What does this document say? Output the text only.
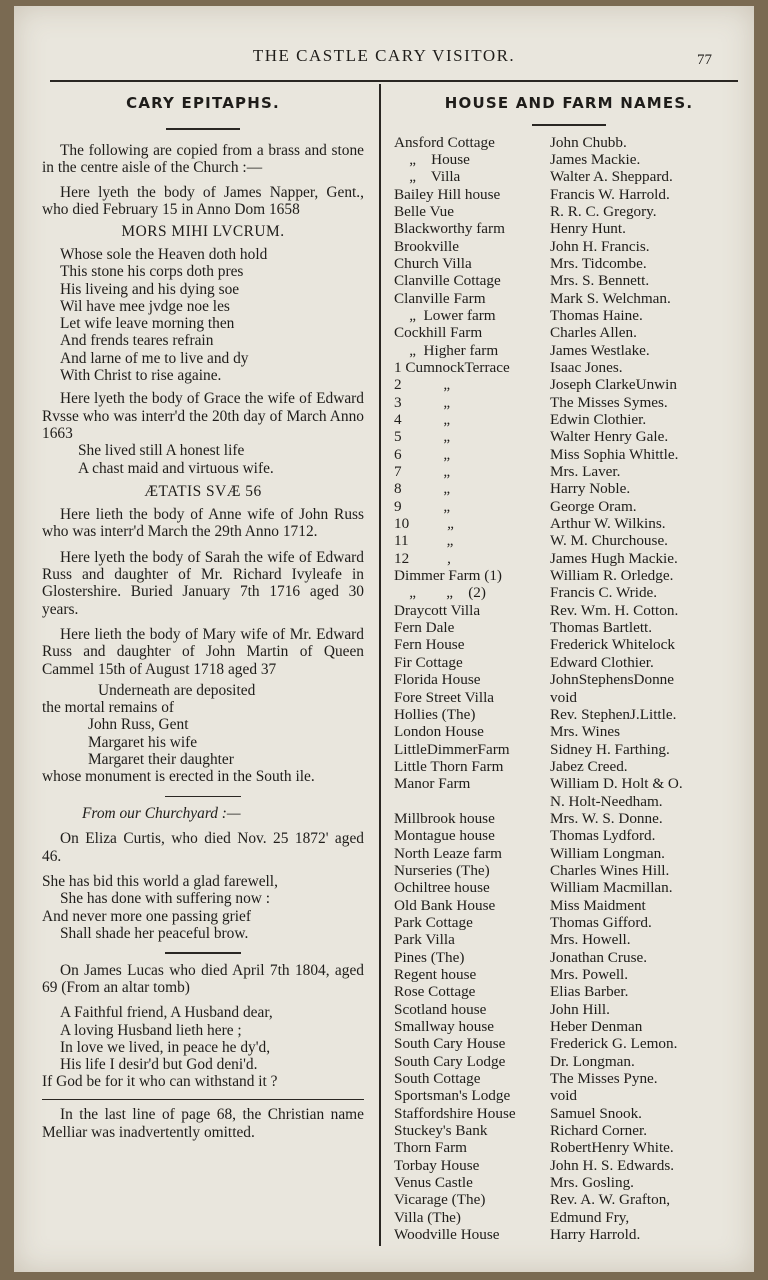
THE CASTLE CARY VISITOR.	77
CARY EPITAPHS.

The following are copied from a brass and stone in the centre aisle of the Church :—

Here lyeth the body of James Napper, Gent., who died February 15 in Anno Dom 1658

MORS MIHI LVCRUM.
Whose sole the Heaven doth hold
This stone his corps doth pres
His liveing and his dying soe
Wil have mee jvdge noe les
Let wife leave morning then
And frends teares refrain
And larne of me to live and dy
With Christ to rise againe.

Here lyeth the body of Grace the wife of Edward Rvsse who was interr'd the 20th day of March Anno 1663

She lived still A honest life
A chast maid and virtuous wife.
ÆTATIS SVÆ 56

Here lieth the body of Anne wife of John Russ who was interr'd March the 29th Anno 1712.

Here lyeth the body of Sarah the wife of Edward Russ and daughter of Mr. Richard Ivyleafe in Glostershire. Buried January 7th 1716 aged 30 years.

Here lieth the body of Mary wife of Mr. Edward Russ and daughter of John Martin of Queen Cammel 15th of August 1718 aged 37

Underneath are deposited
the mortal remains of
John Russ, Gent
Margaret his wife
Margaret their daughter

whose monument is erected in the South ile.

From our Churchyard :—

On Eliza Curtis, who died Nov. 25 1872' aged 46.

She has bid this world a glad farewell,
She has done with suffering now :
And never more one passing grief
Shall shade her peaceful brow.

On James Lucas who died April 7th 1804, aged 69 (From an altar tomb)

A Faithful friend, A Husband dear,
A loving Husband lieth here ;
In love we lived, in peace he dy'd,
His life I desir'd but God deni'd.
If God be for it who can withstand it ?

In the last line of page 68, the Christian name Melliar was inadvertently omitted.

HOUSE AND FARM NAMES.
Ansford Cottage	John Chubb.
„    House	James Mackie.
„    Villa	Walter A. Sheppard.
Bailey Hill house	Francis W. Harrold.
Belle Vue	R. R. C. Gregory.
Blackworthy farm	Henry Hunt.
Brookville	John H. Francis.
Church Villa	Mrs. Tidcombe.
Clanville Cottage	Mrs. S. Bennett.
Clanville Farm	Mark S. Welchman.
„  Lower farm	Thomas Haine.
Cockhill Farm	Charles Allen.
„  Higher farm	James Westlake.
1 CumnockTerrace	Isaac Jones.
2           „	Joseph ClarkeUnwin
3           „	The Misses Symes.
4           „	Edwin Clothier.
5           „	Walter Henry Gale.
6           „	Miss Sophia Whittle.
7           „	Mrs. Laver.
8           „	Harry Noble.
9           „	George Oram.
10          „	Arthur W. Wilkins.
11          „	W. M. Churchouse.
12          ,	James Hugh Mackie.
Dimmer Farm (1)	William R. Orledge.
„        „    (2)	Francis C. Wride.
Draycott Villa	Rev. Wm. H. Cotton.
Fern Dale	Thomas Bartlett.
Fern House	Frederick Whitelock
Fir Cottage	Edward Clothier.
Florida House	JohnStephensDonne
Fore Street Villa	void
Hollies (The)	Rev. StephenJ.Little.
London House	Mrs. Wines
LittleDimmerFarm	Sidney H. Farthing.
Little Thorn Farm	Jabez Creed.
Manor Farm	William D. Holt & O.
N. Holt-Needham.
Millbrook house	Mrs. W. S. Donne.
Montague house	Thomas Lydford.
North Leaze farm	William Longman.
Nurseries (The)	Charles Wines Hill.
Ochiltree house	William Macmillan.
Old Bank House	Miss Maidment
Park Cottage	Thomas Gifford.
Park Villa	Mrs. Howell.
Pines (The)	Jonathan Cruse.
Regent house	Mrs. Powell.
Rose Cottage	Elias Barber.
Scotland house	John Hill.
Smallway house	Heber Denman
South Cary House	Frederick G. Lemon.
South Cary Lodge	Dr. Longman.
South Cottage	The Misses Pyne.
Sportsman's Lodge	void
Staffordshire House	Samuel Snook.
Stuckey's Bank	Richard Corner.
Thorn Farm	RobertHenry White.
Torbay House	John H. S. Edwards.
Venus Castle	Mrs. Gosling.
Vicarage (The)	Rev. A. W. Grafton,
Villa (The)	Edmund Fry,
Woodville House	Harry Harrold.
